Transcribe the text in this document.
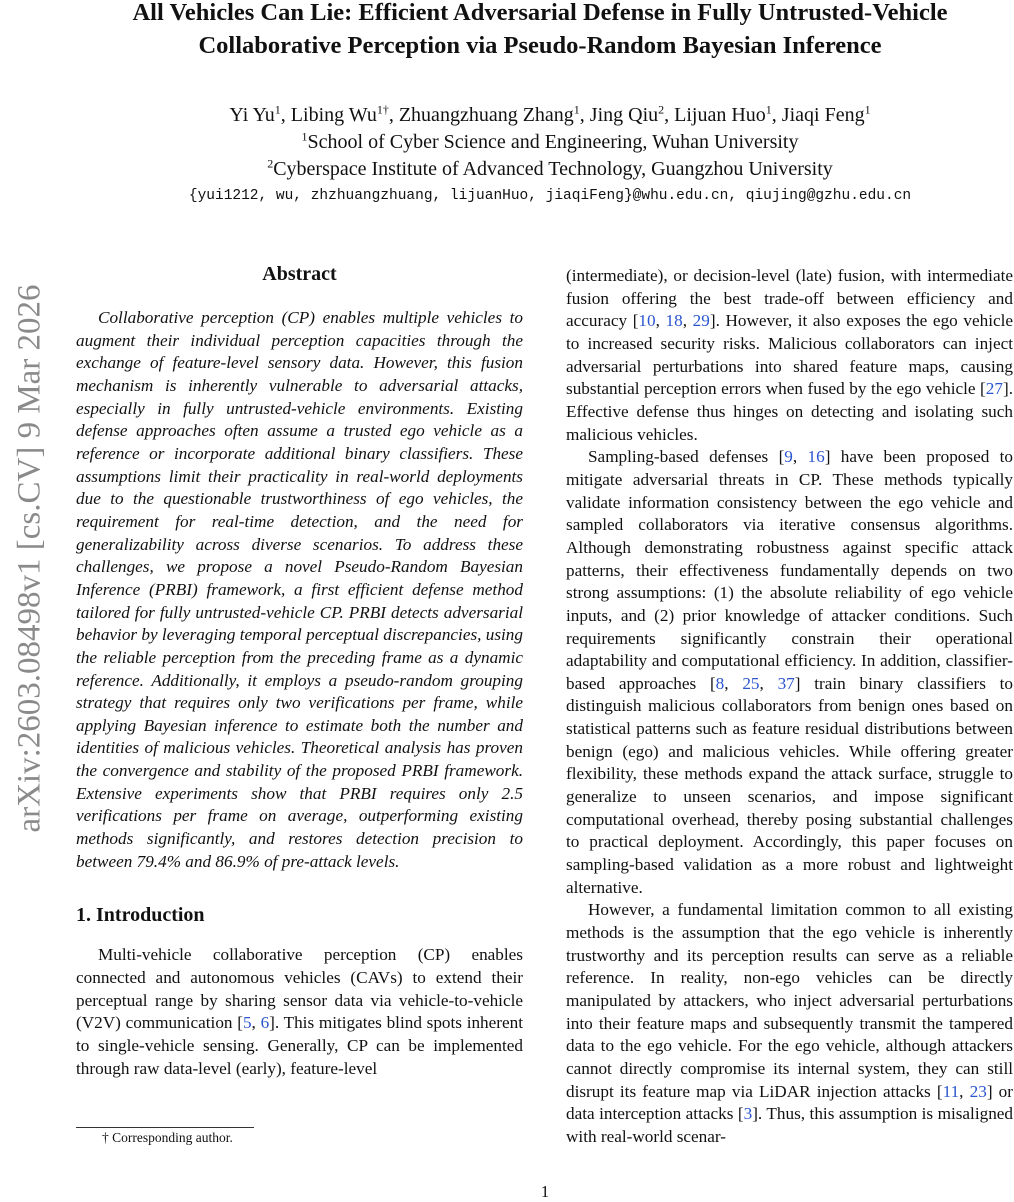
arXiv:2603.08498v1 [cs.CV] 9 Mar 2026
All Vehicles Can Lie: Efficient Adversarial Defense in Fully Untrusted-Vehicle
Collaborative Perception via Pseudo-Random Bayesian Inference
Yi Yu$^1$, Libing $Wu^{1\dagger}$, Zhuangzhuang Zhang$^1$, Jing Qiu$^2$, Lijuan Huo$^1$, Jiaqi Feng$^1$
$^1$School of Cyber Science and Engineering, Wuhan University
$^2$Cyberspace Institute of Advanced Technology, Guangzhou University
{yui1212, wu, zhzhuangzhuang, lijuanHuo, jiaqiFeng}@whu.edu.cn, qiujing@gzhu.edu.cn
Abstract

Collaborative perception (CP) enables multiple vehicles to augment their individual perception capacities through the exchange of feature-level sensory data. However, this fusion mechanism is inherently vulnerable to adversarial attacks, especially in fully untrusted-vehicle environments. Existing defense approaches often assume a trusted ego vehicle as a reference or incorporate additional binary classifiers. These assumptions limit their practicality in real-world deployments due to the questionable trustworthiness of ego vehicles, the requirement for real-time detection, and the need for generalizability across diverse scenarios. To address these challenges, we propose a novel Pseudo-Random Bayesian Inference (PRBI) framework, a first efficient defense method tailored for fully untrusted-vehicle CP. PRBI detects adversarial behavior by leveraging temporal perceptual discrepancies, using the reliable perception from the preceding frame as a dynamic reference. Additionally, it employs a pseudo-random grouping strategy that requires only two verifications per frame, while applying Bayesian inference to estimate both the number and identities of malicious vehicles. Theoretical analysis has proven the convergence and stability of the proposed PRBI framework. Extensive experiments show that PRBI requires only 2.5 verifications per frame on average, outperforming existing methods significantly, and restores detection precision to between 79.4% and 86.9% of pre-attack levels.

1. Introduction

Multi-vehicle collaborative perception (CP) enables connected and autonomous vehicles (CAVs) to extend their perceptual range by sharing sensor data via vehicle-to-vehicle (V2V) communication [5, 6]. This mitigates blind spots inherent to single-vehicle sensing. Generally, CP can be implemented through raw data-level (early), feature-level

(intermediate), or decision-level (late) fusion, with intermediate fusion offering the best trade-off between efficiency and accuracy [10, 18, 29]. However, it also exposes the ego vehicle to increased security risks. Malicious collaborators can inject adversarial perturbations into shared feature maps, causing substantial perception errors when fused by the ego vehicle [27]. Effective defense thus hinges on detecting and isolating such malicious vehicles.

Sampling-based defenses [9, 16] have been proposed to mitigate adversarial threats in CP. These methods typically validate information consistency between the ego vehicle and sampled collaborators via iterative consensus algorithms. Although demonstrating robustness against specific attack patterns, their effectiveness fundamentally depends on two strong assumptions: (1) the absolute reliability of ego vehicle inputs, and (2) prior knowledge of attacker conditions. Such requirements significantly constrain their operational adaptability and computational efficiency. In addition, classifier-based approaches [8, 25, 37] train binary classifiers to distinguish malicious collaborators from benign ones based on statistical patterns such as feature residual distributions between benign (ego) and malicious vehicles. While offering greater flexibility, these methods expand the attack surface, struggle to generalize to unseen scenarios, and impose significant computational overhead, thereby posing substantial challenges to practical deployment. Accordingly, this paper focuses on sampling-based validation as a more robust and lightweight alternative.

However, a fundamental limitation common to all existing methods is the assumption that the ego vehicle is inherently trustworthy and its perception results can serve as a reliable reference. In reality, non-ego vehicles can be directly manipulated by attackers, who inject adversarial perturbations into their feature maps and subsequently transmit the tampered data to the ego vehicle. For the ego vehicle, although attackers cannot directly compromise its internal system, they can still disrupt its feature map via LiDAR injection attacks [11, 23] or data interception attacks [3]. Thus, this assumption is misaligned with real-world scenar-

† Corresponding author.
1
